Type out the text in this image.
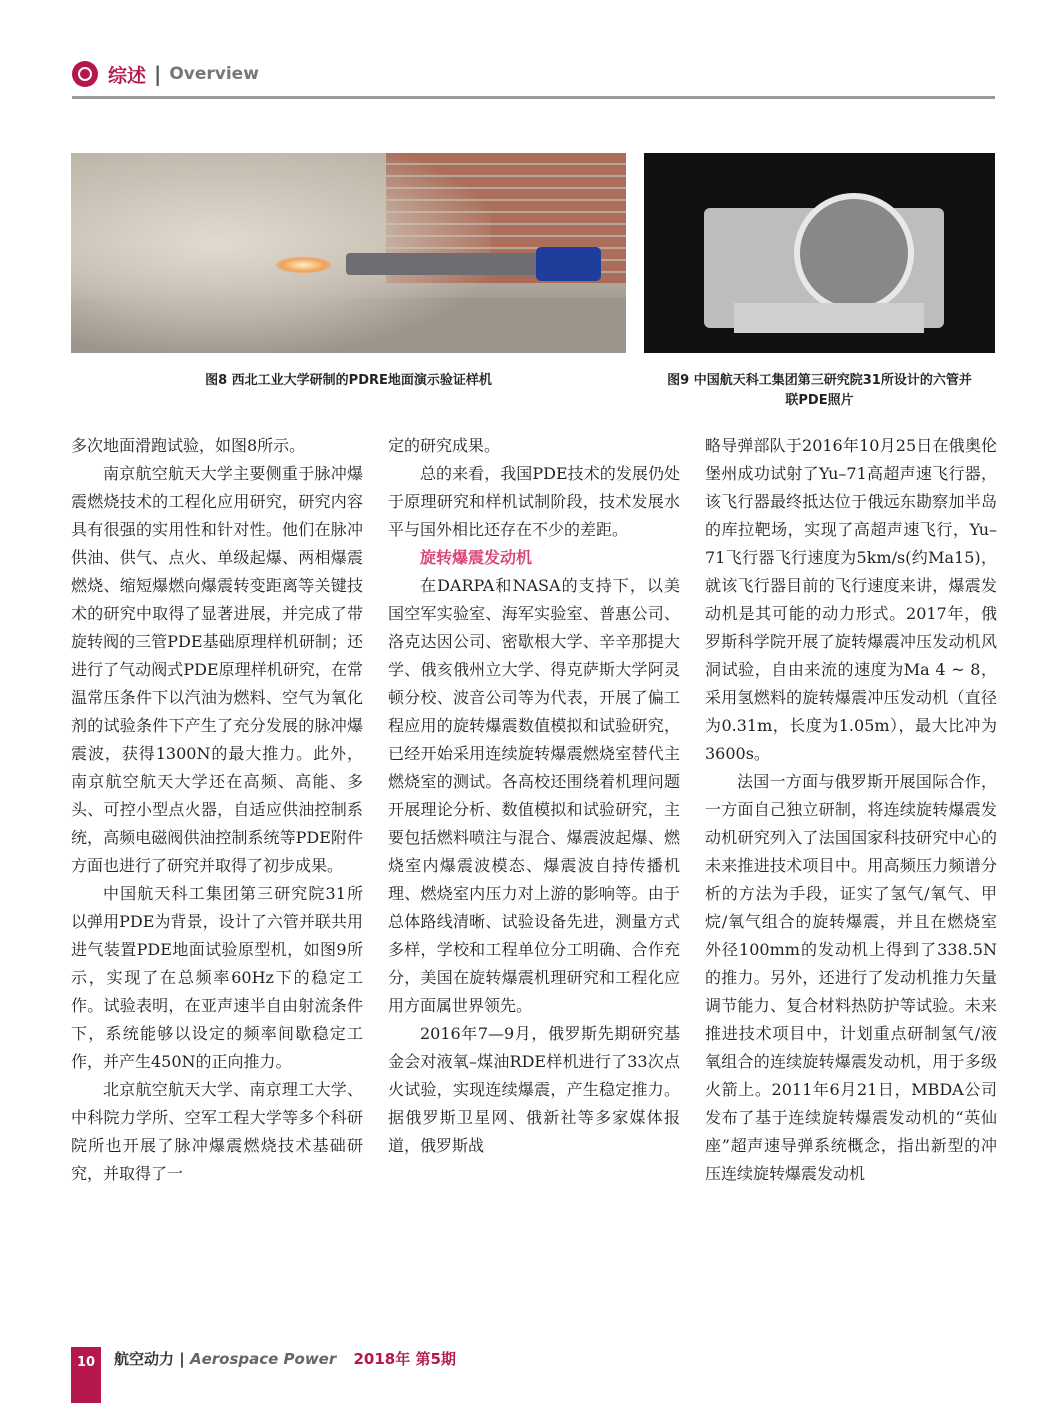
综述 | Overview
图8 西北工业大学研制的PDRE地面演示验证样机	图9 中国航天科工集团第三研究院31所设计的六管并
联PDE照片

多次地面滑跑试验，如图8所示。

南京航空航天大学主要侧重于脉冲爆震燃烧技术的工程化应用研究，研究内容具有很强的实用性和针对性。他们在脉冲供油、供气、点火、单级起爆、两相爆震燃烧、缩短爆燃向爆震转变距离等关键技术的研究中取得了显著进展，并完成了带旋转阀的三管PDE基础原理样机研制；还进行了气动阀式PDE原理样机研究，在常温常压条件下以汽油为燃料、空气为氧化剂的试验条件下产生了充分发展的脉冲爆震波，获得1300N的最大推力。此外，南京航空航天大学还在高频、高能、多头、可控小型点火器，自适应供油控制系统，高频电磁阀供油控制系统等PDE附件方面也进行了研究并取得了初步成果。

中国航天科工集团第三研究院31所以弹用PDE为背景，设计了六管并联共用进气装置PDE地面试验原型机，如图9所示，实现了在总频率60Hz下的稳定工作。试验表明，在亚声速半自由射流条件下，系统能够以设定的频率间歇稳定工作，并产生450N的正向推力。

北京航空航天大学、南京理工大学、中科院力学所、空军工程大学等多个科研院所也开展了脉冲爆震燃烧技术基础研究，并取得了一

定的研究成果。

总的来看，我国PDE技术的发展仍处于原理研究和样机试制阶段，技术发展水平与国外相比还存在不少的差距。

旋转爆震发动机

在DARPA和NASA的支持下，以美国空军实验室、海军实验室、普惠公司、洛克达因公司、密歇根大学、辛辛那提大学、俄亥俄州立大学、得克萨斯大学阿灵顿分校、波音公司等为代表，开展了偏工程应用的旋转爆震数值模拟和试验研究，已经开始采用连续旋转爆震燃烧室替代主燃烧室的测试。各高校还围绕着机理问题开展理论分析、数值模拟和试验研究，主要包括燃料喷注与混合、爆震波起爆、燃烧室内爆震波模态、爆震波自持传播机理、燃烧室内压力对上游的影响等。由于总体路线清晰、试验设备先进，测量方式多样，学校和工程单位分工明确、合作充分，美国在旋转爆震机理研究和工程化应用方面属世界领先。

2016年7—9月，俄罗斯先期研究基金会对液氧–煤油RDE样机进行了33次点火试验，实现连续爆震，产生稳定推力。据俄罗斯卫星网、俄新社等多家媒体报道，俄罗斯战

略导弹部队于2016年10月25日在俄奥伦堡州成功试射了Yu–71高超声速飞行器，该飞行器最终抵达位于俄远东勘察加半岛的库拉靶场，实现了高超声速飞行，Yu–71飞行器飞行速度为5km/s(约Ma15)，就该飞行器目前的飞行速度来讲，爆震发动机是其可能的动力形式。2017年，俄罗斯科学院开展了旋转爆震冲压发动机风洞试验，自由来流的速度为Ma 4 ~ 8，采用氢燃料的旋转爆震冲压发动机（直径为0.31m，长度为1.05m），最大比冲为3600s。

法国一方面与俄罗斯开展国际合作，一方面自己独立研制，将连续旋转爆震发动机研究列入了法国国家科技研究中心的未来推进技术项目中。用高频压力频谱分析的方法为手段，证实了氢气/氧气、甲烷/氧气组合的旋转爆震，并且在燃烧室外径100mm的发动机上得到了338.5N的推力。另外，还进行了发动机推力矢量调节能力、复合材料热防护等试验。未来推进技术项目中，计划重点研制氢气/液氧组合的连续旋转爆震发动机，用于多级火箭上。2011年6月21日，MBDA公司发布了基于连续旋转爆震发动机的“英仙座”超声速导弹系统概念，指出新型的冲压连续旋转爆震发动机

10	航空动力 | Aerospace Power 2018年 第5期
